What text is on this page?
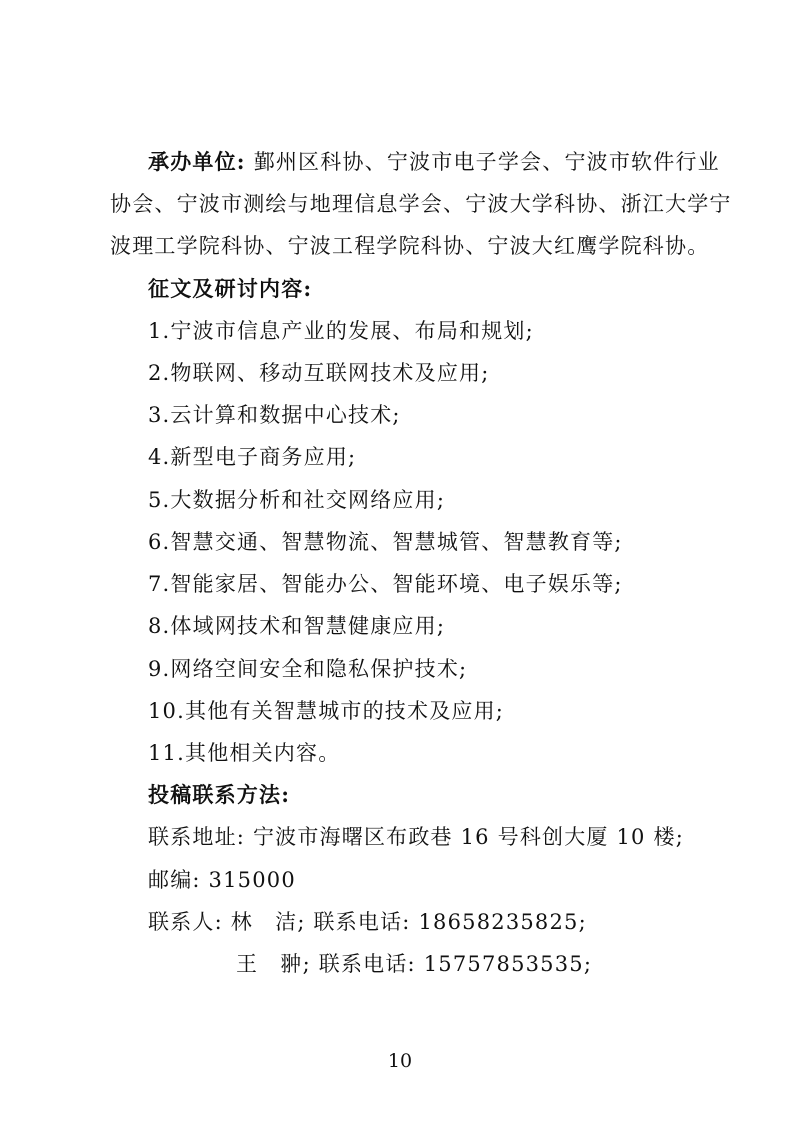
承办单位: 鄞州区科协、宁波市电子学会、宁波市软件行业
协会、宁波市测绘与地理信息学会、宁波大学科协、浙江大学宁
波理工学院科协、宁波工程学院科协、宁波大红鹰学院科协。
征文及研讨内容:
1.宁波市信息产业的发展、布局和规划;
2.物联网、移动互联网技术及应用;
3.云计算和数据中心技术;
4.新型电子商务应用;
5.大数据分析和社交网络应用;
6.智慧交通、智慧物流、智慧城管、智慧教育等;
7.智能家居、智能办公、智能环境、电子娱乐等;
8.体域网技术和智慧健康应用;
9.网络空间安全和隐私保护技术;
10.其他有关智慧城市的技术及应用;
11.其他相关内容。
投稿联系方法:
联系地址: 宁波市海曙区布政巷 16 号科创大厦 10 楼;
邮编: 315000
联系人: 林　洁; 联系电话: 18658235825;
王　翀; 联系电话: 15757853535;
10
